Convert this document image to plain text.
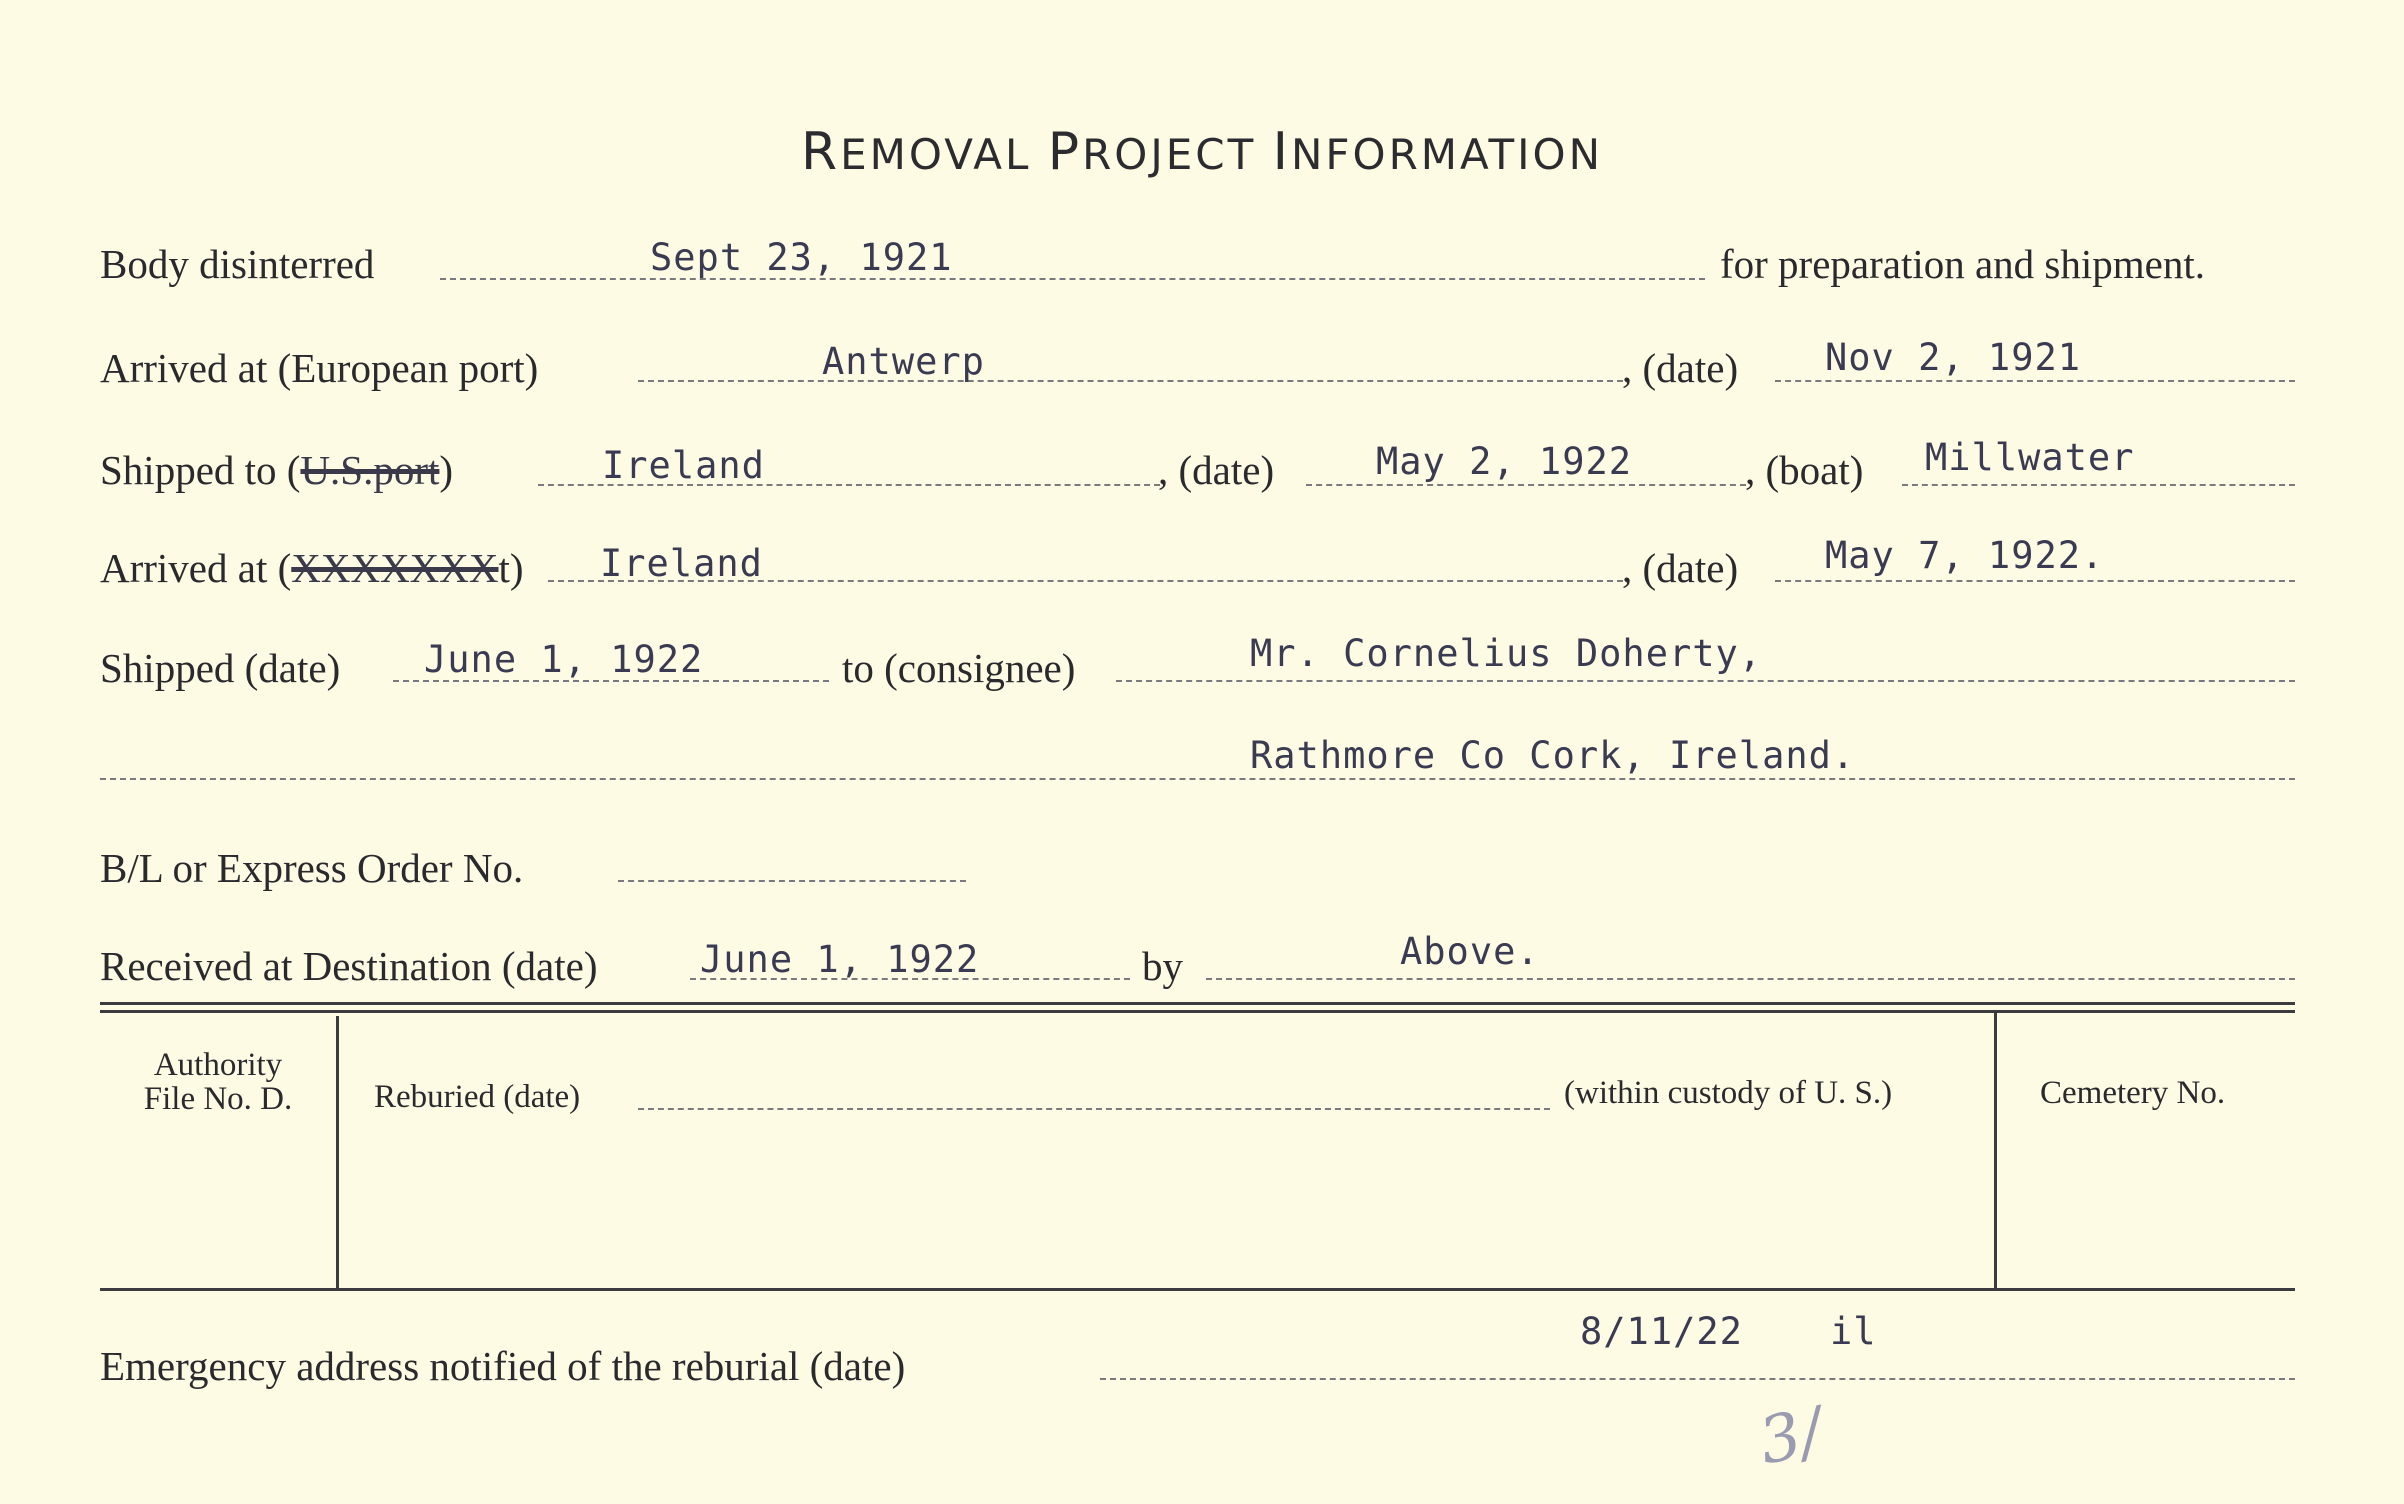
REMOVAL PROJECT INFORMATION
Body disinterred	Sept 23, 1921	for preparation and shipment.
Arrived at (European port)	Antwerp	, (date) Nov 2, 1921
Shipped to (U.S.port)	Ireland	, (date)	May 2, 1922	, (boat) Millwater
Arrived at (XXXXXXXt) Ireland	, (date) May 7, 1922.
Shipped (date) June 1, 1922	to (consignee)	Mr. Cornelius Doherty,
Rathmore Co Cork, Ireland.
B/L or Express Order No.
Received at Destination (date)	June 1, 1922	by	Above.
Authority
File No. D.	Reburied (date)	(within custody of U. S.)	Cemetery No.
Emergency address notified of the reburial (date)
8/11/22 il
3/
